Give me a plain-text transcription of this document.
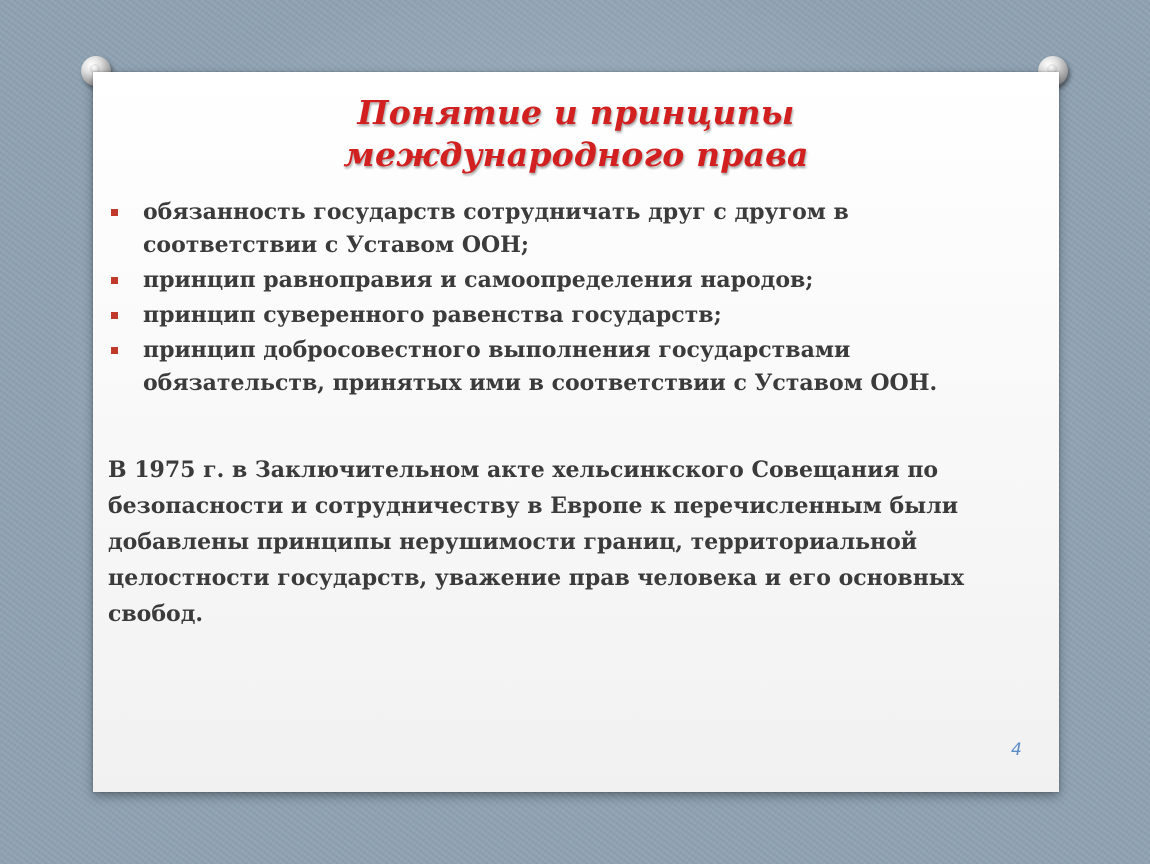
Понятие и принципы международного права
обязанность государств сотрудничать друг с другом в соответствии с Уставом ООН;
принцип равноправия и самоопределения народов;
принцип суверенного равенства государств;
принцип добросовестного выполнения государствами обязательств, принятых ими в соответствии с Уставом ООН.

В 1975 г. в Заключительном акте хельсинкского Совещания по безопасности и сотрудничеству в Европе к перечисленным были добавлены принципы нерушимости границ, территориальной целостности государств, уважение прав человека и его основных свобод.

4
